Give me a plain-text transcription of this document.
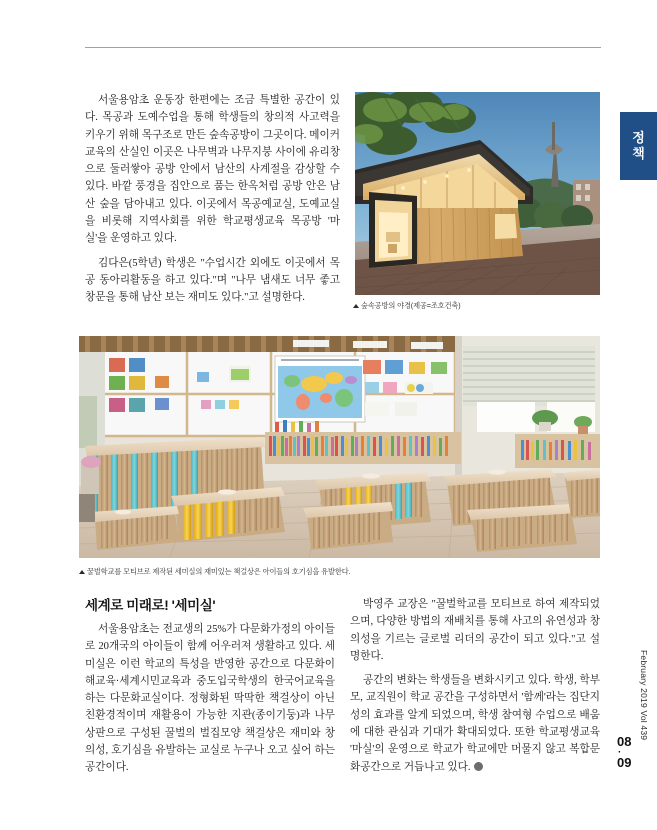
정
책
February 2019 Vol 439
08
·
09

서울용암초 운동장 한편에는 조금 특별한 공간이 있다. 목공과 도예수업을 통해 학생들의 창의적 사고력을 키우기 위해 목구조로 만든 숲속공방이 그곳이다. 메이커교육의 산실인 이곳은 나무벽과 나무지붕 사이에 유리창으로 둘러쌓아 공방 안에서 남산의 사계절을 감상할 수 있다. 바깥 풍경을 집안으로 품는 한옥처럼 공방 안은 남산 숲을 담아내고 있다. 이곳에서 목공예교실, 도예교실을 비롯해 지역사회를 위한 학교평생교육 목공방 '마실'을 운영하고 있다.

김다은(5학년) 학생은 "수업시간 외에도 이곳에서 목공 동아리활동을 하고 있다."며 "나무 냄새도 너무 좋고 창문을 통해 남산 보는 재미도 있다."고 설명한다.

숲속공방의 야경(제공=조호건축)
꿀벌학교를 모티브로 제작된 세미실의 재미있는 책걸상은 아이들의 호기심을 유발한다.
세계로 미래로! '세미실'

서울용암초는 전교생의 25%가 다문화가정의 아이들로 20개국의 아이들이 함께 어우러져 생활하고 있다. 세미실은 이런 학교의 특성을 반영한 공간으로 다문화이해교육·세계시민교육과 중도입국학생의 한국어교육을 하는 다문화교실이다. 정형화된 딱딱한 책걸상이 아닌 친환경적이며 재활용이 가능한 지관(종이기둥)과 나무상판으로 구성된 꿀벌의 벌집모양 책걸상은 재미와 창의성, 호기심을 유발하는 교실로 누구나 오고 싶어 하는 공간이다.

박영주 교장은 "꿀벌학교를 모티브로 하여 제작되었으며, 다양한 방법의 재배치를 통해 사고의 유연성과 창의성을 기르는 글로벌 리더의 공간이 되고 있다."고 설명한다.

공간의 변화는 학생들을 변화시키고 있다. 학생, 학부모, 교직원이 학교 공간을 구성하면서 '함께'라는 집단지성의 효과를 알게 되었으며, 학생 참여형 수업으로 배움에 대한 관심과 기대가 확대되었다. 또한 학교평생교육 '마실'의 운영으로 학교가 학교에만 머물지 않고 복합문화공간으로 거듭나고 있다.
